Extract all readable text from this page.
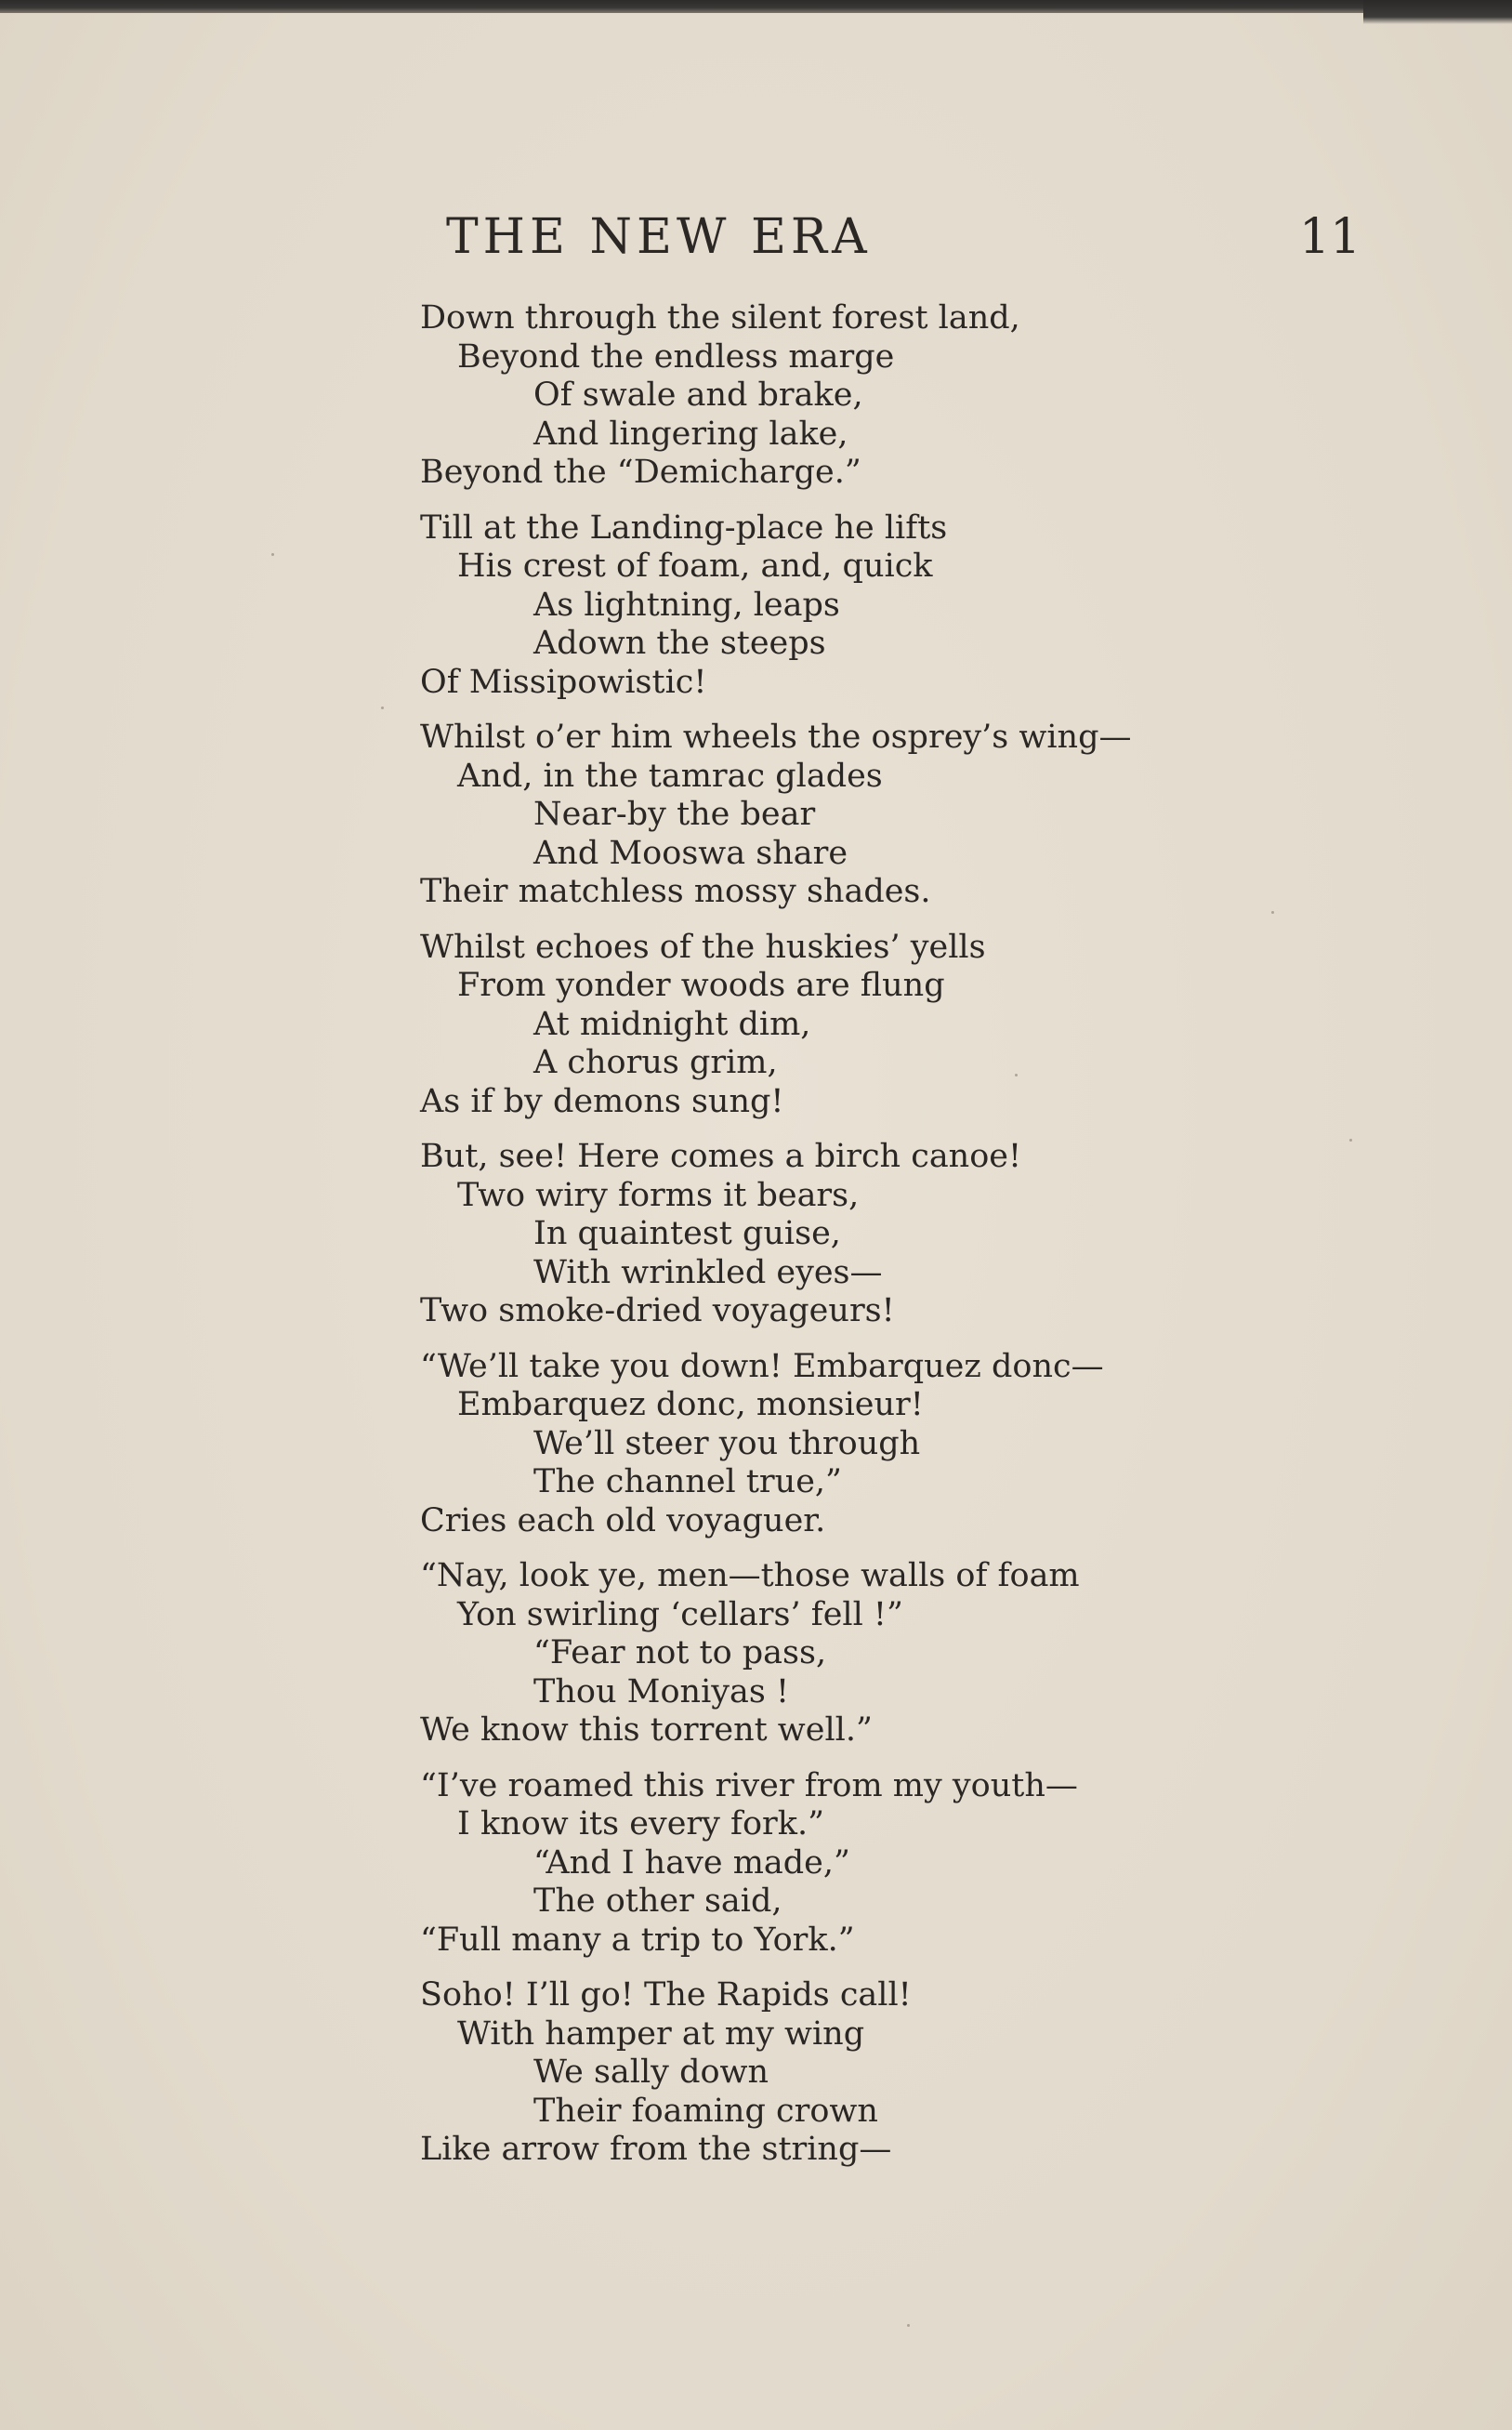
THE NEW ERA	11
Down through the silent forest land,
Beyond the endless marge
Of swale and brake,
And lingering lake,
Beyond the “Demicharge.”
Till at the Landing-place he lifts
His crest of foam, and, quick
As lightning, leaps
Adown the steeps
Of Missipowistic!
Whilst o’er him wheels the osprey’s wing—
And, in the tamrac glades
Near-by the bear
And Mooswa share
Their matchless mossy shades.
Whilst echoes of the huskies’ yells
From yonder woods are flung
At midnight dim,
A chorus grim,
As if by demons sung!
But, see! Here comes a birch canoe!
Two wiry forms it bears,
In quaintest guise,
With wrinkled eyes—
Two smoke-dried voyageurs!
“We’ll take you down! Embarquez donc—
Embarquez donc, monsieur!
We’ll steer you through
The channel true,”
Cries each old voyaguer.
“Nay, look ye, men—those walls of foam
Yon swirling ‘cellars’ fell !”
“Fear not to pass,
Thou Moniyas !
We know this torrent well.”
“I’ve roamed this river from my youth—
I know its every fork.”
“And I have made,”
The other said,
“Full many a trip to York.”
Soho! I’ll go! The Rapids call!
With hamper at my wing
We sally down
Their foaming crown
Like arrow from the string—
